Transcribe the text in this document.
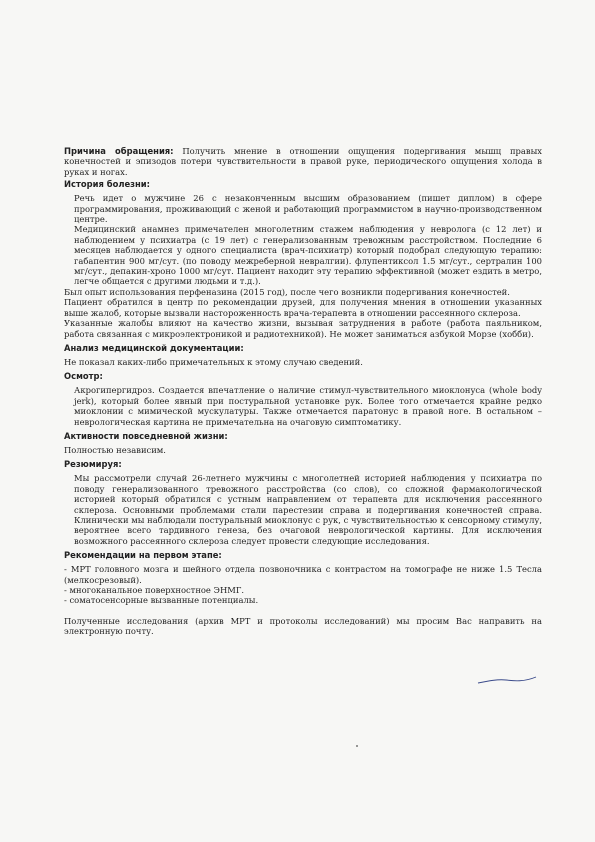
Причина обращения: Получить мнение в отношении ощущения подергивания мышц правых конечностей и эпизодов потери чувствительности в правой руке, периодического ощущения холода в руках и ногах.

История болезни:

Речь идет о мужчине 26 с незаконченным высшим образованием (пишет диплом) в сфере программирования, проживающий с женой и работающий программистом в научно-производственном центре.

Медицинский анамнез примечателен многолетним стажем наблюдения у невролога (с 12 лет) и наблюдением у психиатра (с 19 лет) с генерализованным тревожным расстройством. Последние 6 месяцев наблюдается у одного специалиста (врач-психиатр) который подобрал следующую терапию: габапентин 900 мг/сут. (по поводу межреберной невралгии). флупентиксол 1.5 мг/сут., сертралин 100 мг/сут., депакин-хроно 1000 мг/сут. Пациент находит эту терапию эффективной (может ездить в метро, легче общается с другими людьми и т.д.).

Был опыт использования перфеназина (2015 год), после чего возникли подергивания конечностей.

Пациент обратился в центр по рекомендации друзей, для получения мнения в отношении указанных выше жалоб, которые вызвали настороженность врача-терапевта в отношении рассеянного склероза.

Указанные жалобы влияют на качество жизни, вызывая затруднения в работе (работа паяльником, работа связанная с микроэлектроникой и радиотехникой). Не может заниматься азбукой Морзе (хобби).

Анализ медицинской документации:

Не показал каких-либо примечательных к этому случаю сведений.

Осмотр:

Акрогипергидроз. Создается впечатление о наличие стимул-чувствительного миоклонуса (whole body jerk), который более явный при постуральной установке рук. Более того отмечается крайне редко миоклонии с мимической мускулатуры. Также отмечается паратонус в правой ноге. В остальном – неврологическая картина не примечательна на очаговую симптоматику.

Активности повседневной жизни:

Полностью независим.

Резюмируя:

Мы рассмотрели случай 26-летнего мужчины с многолетней историей наблюдения у психиатра по поводу генерализованного тревожного расстройства (со слов), со сложной фармакологической историей который обратился с устным направлением от терапевта для исключения рассеянного склероза. Основными проблемами стали парестезии справа и подергивания конечностей справа. Клинически мы наблюдали постуральный миоклонус с рук, с чувствительностью к сенсорному стимулу, вероятнее всего тардивного генеза, без очаговой неврологической картины. Для исключения возможного рассеянного склероза следует провести следующие исследования.

Рекомендации на первом этапе:
- МРТ головного мозга и шейного отдела позвоночника с контрастом на томографе не ниже 1.5 Тесла (мелкосрезовый).
- многоканальное поверхностное ЭНМГ.
- соматосенсорные вызванные потенциалы.

Полученные исследования (архив МРТ и протоколы исследований) мы просим Вас направить на электронную почту.
